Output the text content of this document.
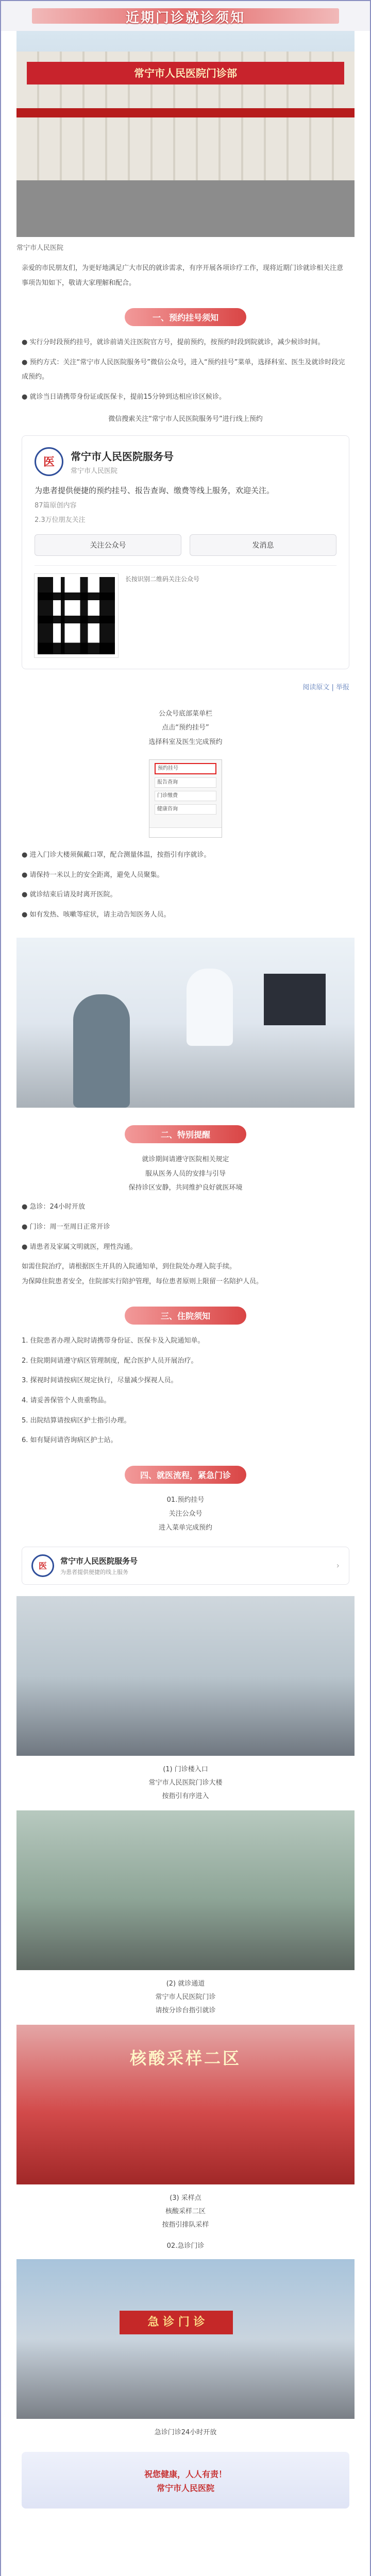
近期门诊就诊须知
常宁市人民医院门诊部
常宁市人民医院

亲爱的市民朋友们，为更好地满足广大市民的就诊需求，有序开展各项诊疗工作，现将近期门诊就诊相关注意事项告知如下，敬请大家理解和配合。

一、预约挂号须知
● 实行分时段预约挂号，就诊前请关注医院官方号，提前预约，按预约时段到院就诊，减少候诊时间。
● 预约方式：关注“常宁市人民医院服务号”微信公众号，进入“预约挂号”菜单，选择科室、医生及就诊时段完成预约。
● 就诊当日请携带身份证或医保卡，提前15分钟到达相应诊区候诊。
微信搜索关注“常宁市人民医院服务号”进行线上预约
医	常宁市人民医院服务号
常宁市人民医院
为患者提供便捷的预约挂号、报告查询、缴费等线上服务，欢迎关注。
87篇原创内容
2.3万位朋友关注
关注公众号	发消息
长按识别二维码关注公众号
阅读原文 | 举报
公众号底部菜单栏
点击“预约挂号”
选择科室及医生完成预约
预约挂号
报告查询
门诊缴费
健康咨询
● 进入门诊大楼须佩戴口罩，配合测量体温，按指引有序就诊。
● 请保持一米以上的安全距离，避免人员聚集。
● 就诊结束后请及时离开医院。
● 如有发热、咳嗽等症状，请主动告知医务人员。
二、特别提醒
就诊期间请遵守医院相关规定
服从医务人员的安排与引导
保持诊区安静，共同维护良好就医环境
● 急诊：24小时开放
● 门诊：周一至周日正常开诊
● 请患者及家属文明就医，理性沟通。

如需住院治疗，请根据医生开具的入院通知单，到住院处办理入院手续。

为保障住院患者安全，住院部实行陪护管理，每位患者原则上限留一名陪护人员。

三、住院须知
1. 住院患者办理入院时请携带身份证、医保卡及入院通知单。
2. 住院期间请遵守病区管理制度，配合医护人员开展治疗。
3. 探视时间请按病区规定执行，尽量减少探视人员。
4. 请妥善保管个人贵重物品。
5. 出院结算请按病区护士指引办理。
6. 如有疑问请咨询病区护士站。
四、就医流程，紧急门诊
01.预约挂号
关注公众号
进入菜单完成预约
医
常宁市人民医院服务号
为患者提供便捷的线上服务
›
(1) 门诊楼入口
常宁市人民医院门诊大楼
按指引有序进入
(2) 就诊通道
常宁市人民医院门诊
请按分诊台指引就诊
核酸采样二区
(3) 采样点
核酸采样二区
按指引排队采样
02.急诊门诊
急 诊 门 诊
急诊门诊24小时开放
祝您健康，人人有责！
常宁市人民医院
